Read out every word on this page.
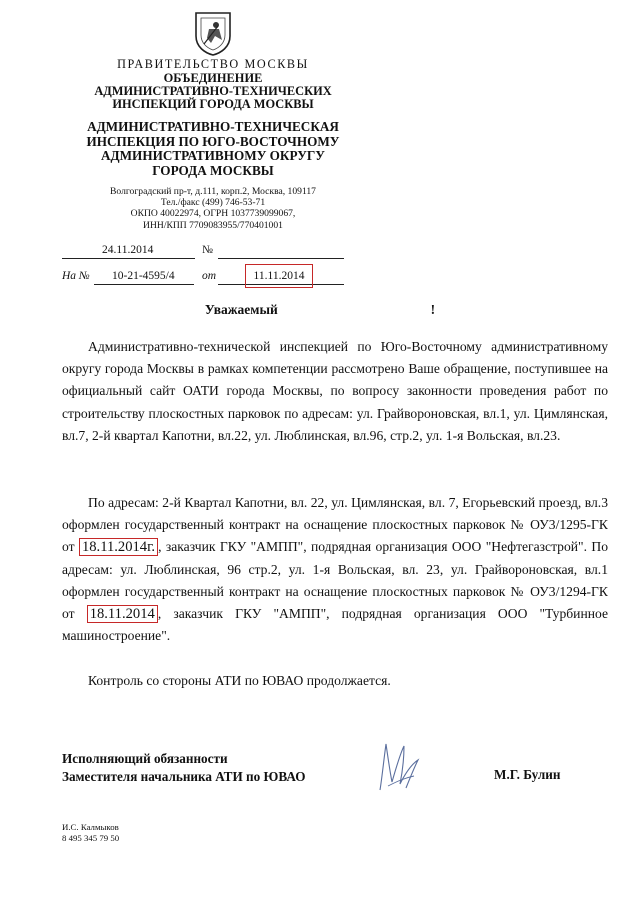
ПРАВИТЕЛЬСТВО МОСКВЫ
ОБЪЕДИНЕНИЕ
АДМИНИСТРАТИВНО-ТЕХНИЧЕСКИХ
ИНСПЕКЦИЙ ГОРОДА МОСКВЫ
АДМИНИСТРАТИВНО-ТЕХНИЧЕСКАЯ
ИНСПЕКЦИЯ ПО ЮГО-ВОСТОЧНОМУ
АДМИНИСТРАТИВНОМУ ОКРУГУ
ГОРОДА МОСКВЫ
Волгоградский пр-т, д.111, корп.2, Москва, 109117
Тел./факс (499) 746-53-71
ОКПО 40022974, ОГРН 1037739099067,
ИНН/КПП 7709083955/770401001
24.11.2014	№
На № 10-21-4595/4 от	11.11.2014
Уважаемый	!
Административно-технической инспекцией по Юго-Восточному административному округу города Москвы в рамках компетенции рассмотрено Ваше обращение, поступившее на официальный сайт ОАТИ города Москвы, по вопросу законности проведения работ по строительству плоскостных парковок по адресам: ул. Грайвороновская, вл.1, ул. Цимлянская, вл.7, 2-й квартал Капотни, вл.22, ул. Люблинская, вл.96, стр.2, ул. 1-я Вольская, вл.23.
По адресам: 2-й Квартал Капотни, вл. 22, ул. Цимлянская, вл. 7, Егорьевский проезд, вл.3 оформлен государственный контракт на оснащение плоскостных парковок № ОУ3/1295-ГК от 18.11.2014г. , заказчик ГКУ "АМПП", подрядная организация ООО "Нефтегазстрой". По адресам: ул. Люблинская, 96 стр.2, ул. 1-я Вольская, вл. 23, ул. Грайвороновская, вл.1 оформлен государственный контракт на оснащение плоскостных парковок № ОУ3/1294-ГК от 18.11.2014 , заказчик ГКУ "АМПП", подрядная организация ООО "Турбинное машиностроение".
Контроль со стороны АТИ по ЮВАО продолжается.
Исполняющий обязанности
Заместителя начальника АТИ по ЮВАО	М.Г. Булин
И.С. Калмыков
8 495 345 79 50
